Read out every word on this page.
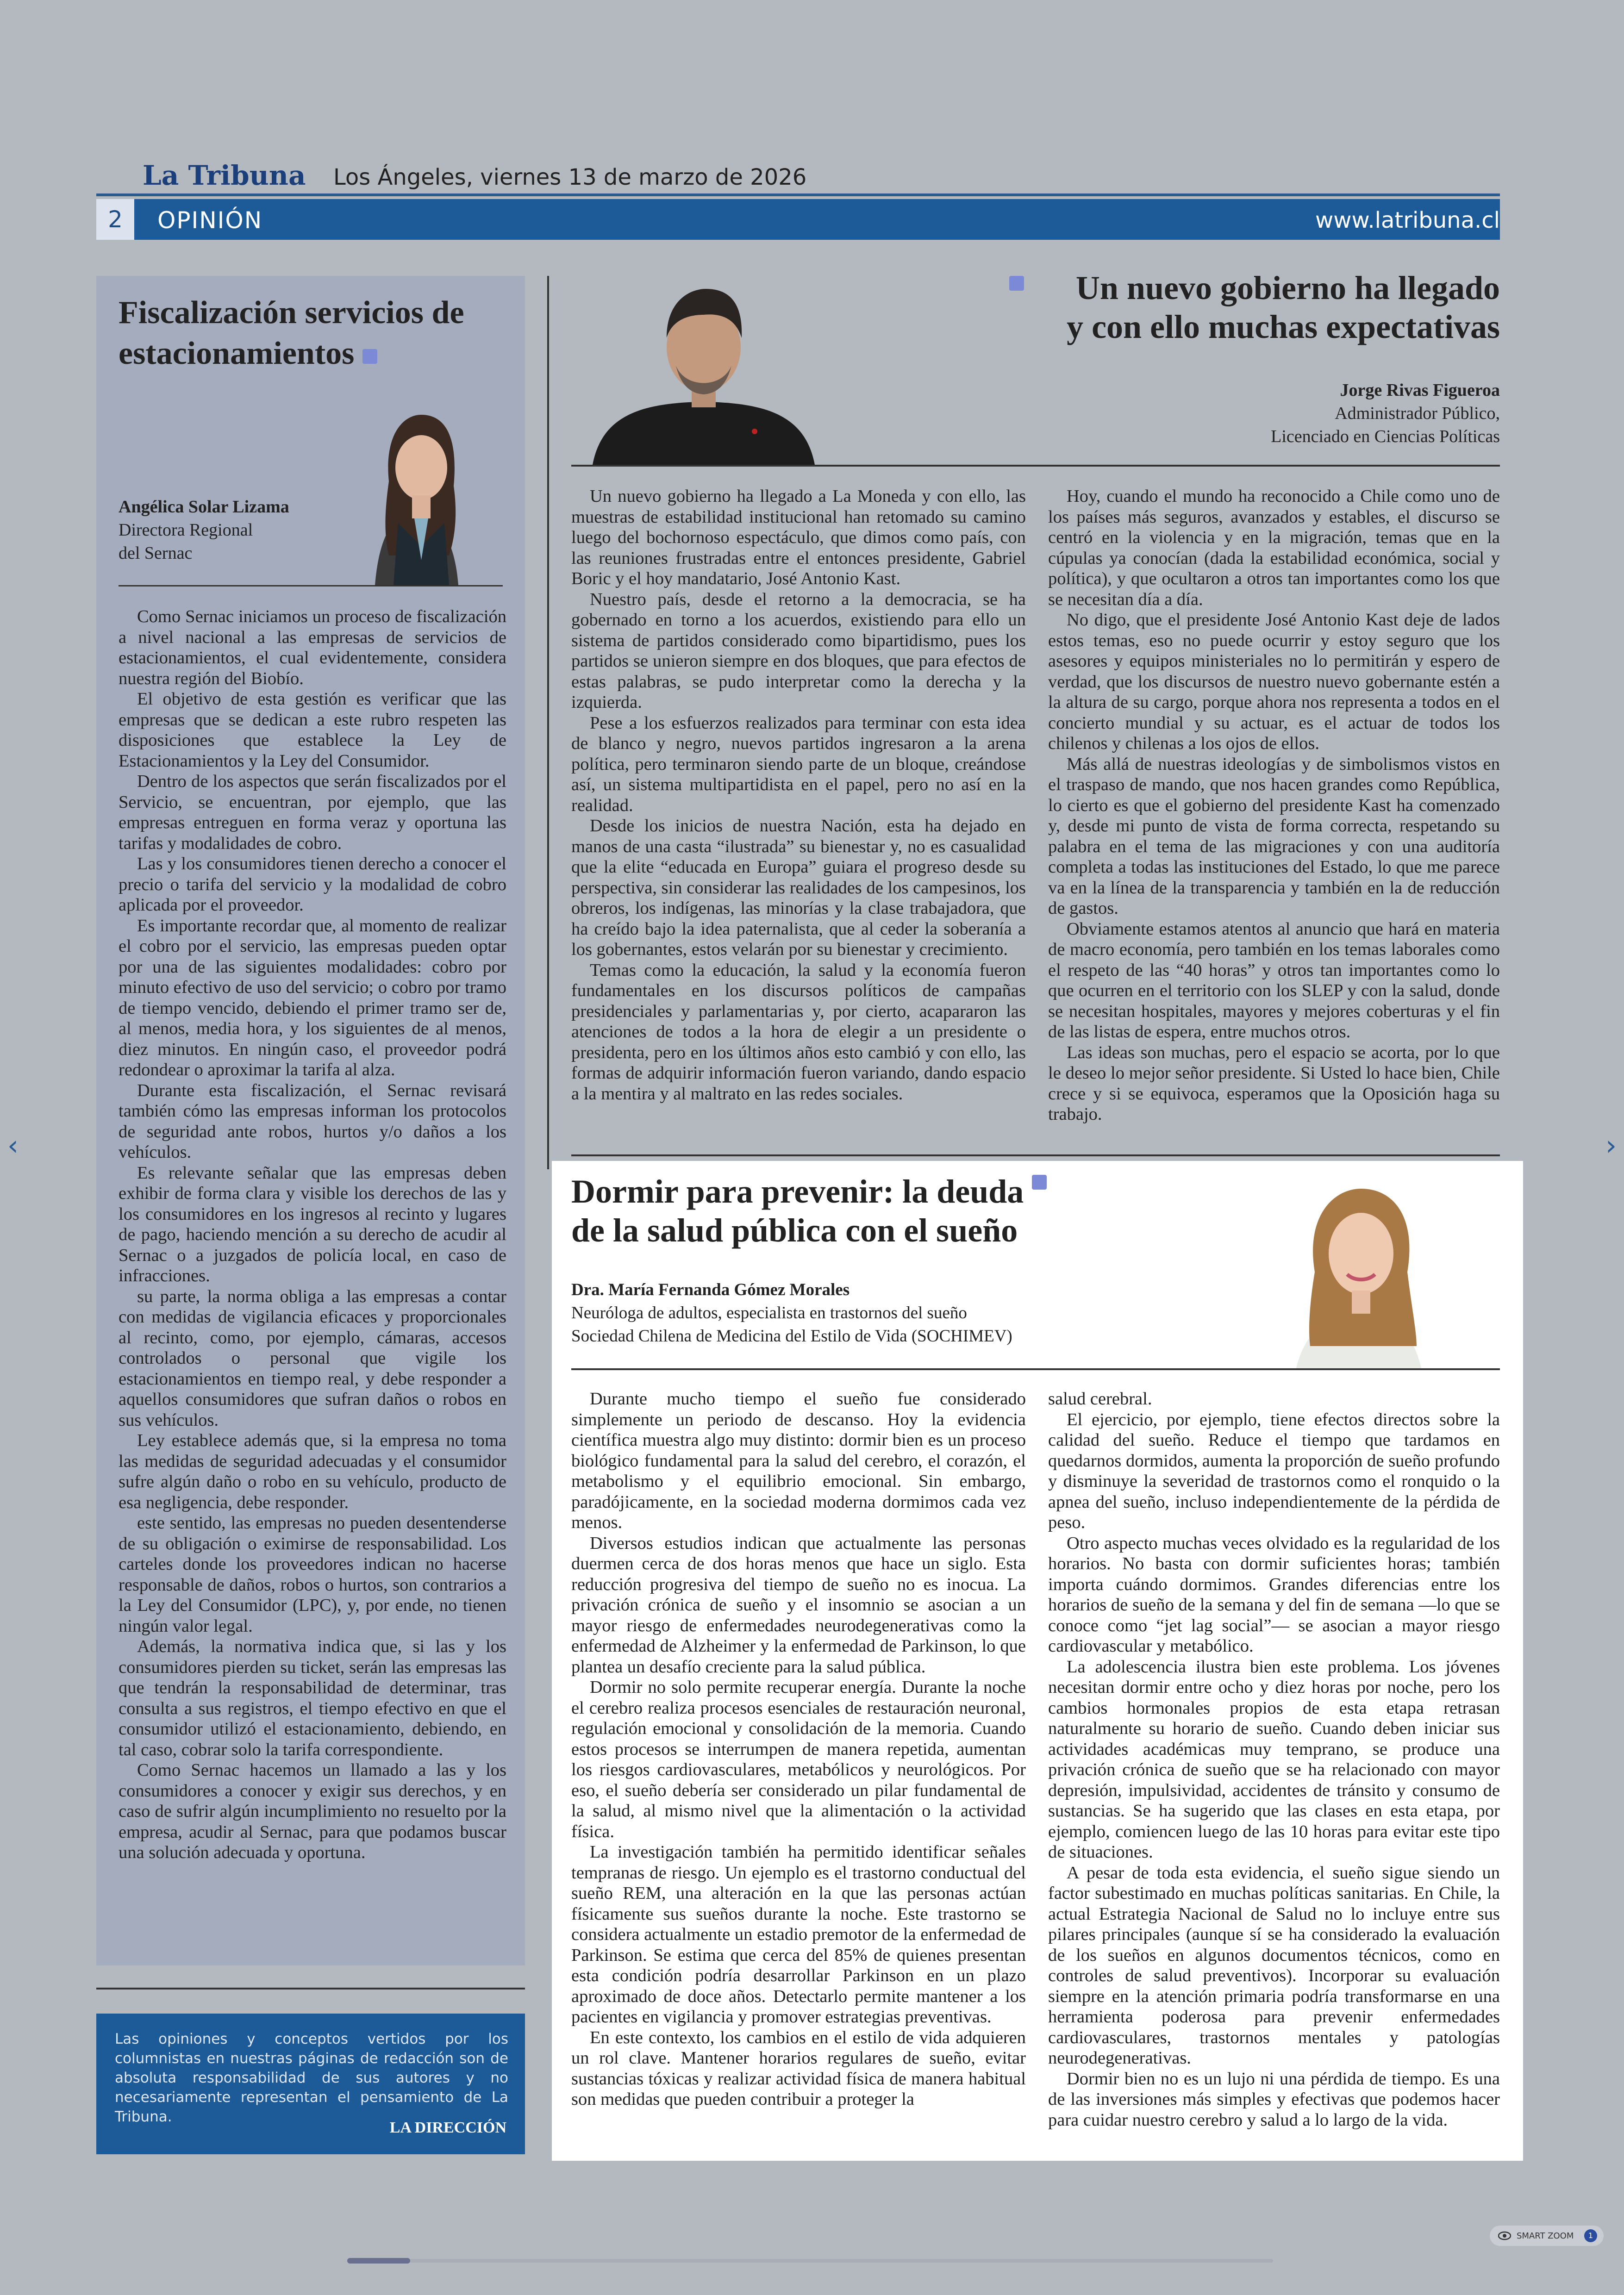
La Tribuna Los Ángeles, viernes 13 de marzo de 2026
2	OPINIÓN	www.latribuna.cl
Fiscalización servicios de estacionamientos
Angélica Solar Lizama
Directora Regional
del Sernac

Como Sernac iniciamos un proceso de fiscalización a nivel nacional a las empresas de servicios de estacionamientos, el cual evidentemente, considera nuestra región del Biobío.

El objetivo de esta gestión es verificar que las empresas que se dedican a este rubro respeten las disposiciones que establece la Ley de Estacionamientos y la Ley del Consumidor.

Dentro de los aspectos que serán fiscalizados por el Servicio, se encuentran, por ejemplo, que las empresas entreguen en forma veraz y oportuna las tarifas y modalidades de cobro.

Las y los consumidores tienen derecho a conocer el precio o tarifa del servicio y la modalidad de cobro aplicada por el proveedor.

Es importante recordar que, al momento de realizar el cobro por el servicio, las empresas pueden optar por una de las siguientes modalidades: cobro por minuto efectivo de uso del servicio; o cobro por tramo de tiempo vencido, debiendo el primer tramo ser de, al menos, media hora, y los siguientes de al menos, diez minutos. En ningún caso, el proveedor podrá redondear o aproximar la tarifa al alza.

Durante esta fiscalización, el Sernac revisará también cómo las empresas informan los protocolos de seguridad ante robos, hurtos y/o daños a los vehículos.

Es relevante señalar que las empresas deben exhibir de forma clara y visible los derechos de las y los consumidores en los ingresos al recinto y lugares de pago, haciendo mención a su derecho de acudir al Sernac o a juzgados de policía local, en caso de infracciones.

su parte, la norma obliga a las empresas a contar con medidas de vigilancia eficaces y proporcionales al recinto, como, por ejemplo, cámaras, accesos controlados o personal que vigile los estacionamientos en tiempo real, y debe responder a aquellos consumidores que sufran daños o robos en sus vehículos.

Ley establece además que, si la empresa no toma las medidas de seguridad adecuadas y el consumidor sufre algún daño o robo en su vehículo, producto de esa negligencia, debe responder.

este sentido, las empresas no pueden desentenderse de su obligación o eximirse de responsabilidad. Los carteles donde los proveedores indican no hacerse responsable de daños, robos o hurtos, son contrarios a la Ley del Consumidor (LPC), y, por ende, no tienen ningún valor legal.

Además, la normativa indica que, si las y los consumidores pierden su ticket, serán las empresas las que tendrán la responsabilidad de determinar, tras consulta a sus registros, el tiempo efectivo en que el consumidor utilizó el estacionamiento, debiendo, en tal caso, cobrar solo la tarifa correspondiente.

Como Sernac hacemos un llamado a las y los consumidores a conocer y exigir sus derechos, y en caso de sufrir algún incumplimiento no resuelto por la empresa, acudir al Sernac, para que podamos buscar una solución adecuada y oportuna.

Las opiniones y conceptos vertidos por los columnistas en nuestras páginas de redacción son de absoluta responsabilidad de sus autores y no necesariamente representan el pensamiento de La Tribuna.
LA DIRECCIÓN
Un nuevo gobierno ha llegado
y con ello muchas expectativas
Jorge Rivas Figueroa
Administrador Público,
Licenciado en Ciencias Políticas

Un nuevo gobierno ha llegado a La Moneda y con ello, las muestras de estabilidad institucional han retomado su camino luego del bochornoso espectáculo, que dimos como país, con las reuniones frustradas entre el entonces presidente, Gabriel Boric y el hoy mandatario, José Antonio Kast.

Nuestro país, desde el retorno a la democracia, se ha gobernado en torno a los acuerdos, existiendo para ello un sistema de partidos considerado como bipartidismo, pues los partidos se unieron siempre en dos bloques, que para efectos de estas palabras, se pudo interpretar como la derecha y la izquierda.

Pese a los esfuerzos realizados para terminar con esta idea de blanco y negro, nuevos partidos ingresaron a la arena política, pero terminaron siendo parte de un bloque, creándose así, un sistema multipartidista en el papel, pero no así en la realidad.

Desde los inicios de nuestra Nación, esta ha dejado en manos de una casta “ilustrada” su bienestar y, no es casualidad que la elite “educada en Europa” guiara el progreso desde su perspectiva, sin considerar las realidades de los campesinos, los obreros, los indígenas, las minorías y la clase trabajadora, que ha creído bajo la idea paternalista, que al ceder la soberanía a los gobernantes, estos velarán por su bienestar y crecimiento.

Temas como la educación, la salud y la economía fueron fundamentales en los discursos políticos de campañas presidenciales y parlamentarias y, por cierto, acapararon las atenciones de todos a la hora de elegir a un presidente o presidenta, pero en los últimos años esto cambió y con ello, las formas de adquirir información fueron variando, dando espacio a la mentira y al maltrato en las redes sociales.

Hoy, cuando el mundo ha reconocido a Chile como uno de los países más seguros, avanzados y estables, el discurso se centró en la violencia y en la migración, temas que en la cúpulas ya conocían (dada la estabilidad económica, social y política), y que ocultaron a otros tan importantes como los que se necesitan día a día.

No digo, que el presidente José Antonio Kast deje de lados estos temas, eso no puede ocurrir y estoy seguro que los asesores y equipos ministeriales no lo permitirán y espero de verdad, que los discursos de nuestro nuevo gobernante estén a la altura de su cargo, porque ahora nos representa a todos en el concierto mundial y su actuar, es el actuar de todos los chilenos y chilenas a los ojos de ellos.

Más allá de nuestras ideologías y de simbolismos vistos en el traspaso de mando, que nos hacen grandes como República, lo cierto es que el gobierno del presidente Kast ha comenzado y, desde mi punto de vista de forma correcta, respetando su palabra en el tema de las migraciones y con una auditoría completa a todas las instituciones del Estado, lo que me parece va en la línea de la transparencia y también en la de reducción de gastos.

Obviamente estamos atentos al anuncio que hará en materia de macro economía, pero también en los temas laborales como el respeto de las “40 horas” y otros tan importantes como lo que ocurren en el territorio con los SLEP y con la salud, donde se necesitan hospitales, mayores y mejores coberturas y el fin de las listas de espera, entre muchos otros.

Las ideas son muchas, pero el espacio se acorta, por lo que le deseo lo mejor señor presidente. Si Usted lo hace bien, Chile crece y si se equivoca, esperamos que la Oposición haga su trabajo.

Dormir para prevenir: la deuda
de la salud pública con el sueño
Dra. María Fernanda Gómez Morales
Neuróloga de adultos, especialista en trastornos del sueño
Sociedad Chilena de Medicina del Estilo de Vida (SOCHIMEV)

Durante mucho tiempo el sueño fue considerado simplemente un periodo de descanso. Hoy la evidencia científica muestra algo muy distinto: dormir bien es un proceso biológico fundamental para la salud del cerebro, el corazón, el metabolismo y el equilibrio emocional. Sin embargo, paradójicamente, en la sociedad moderna dormimos cada vez menos.

Diversos estudios indican que actualmente las personas duermen cerca de dos horas menos que hace un siglo. Esta reducción progresiva del tiempo de sueño no es inocua. La privación crónica de sueño y el insomnio se asocian a un mayor riesgo de enfermedades neurodegenerativas como la enfermedad de Alzheimer y la enfermedad de Parkinson, lo que plantea un desafío creciente para la salud pública.

Dormir no solo permite recuperar energía. Durante la noche el cerebro realiza procesos esenciales de restauración neuronal, regulación emocional y consolidación de la memoria. Cuando estos procesos se interrumpen de manera repetida, aumentan los riesgos cardiovasculares, metabólicos y neurológicos. Por eso, el sueño debería ser considerado un pilar fundamental de la salud, al mismo nivel que la alimentación o la actividad física.

La investigación también ha permitido identificar señales tempranas de riesgo. Un ejemplo es el trastorno conductual del sueño REM, una alteración en la que las personas actúan físicamente sus sueños durante la noche. Este trastorno se considera actualmente un estadio premotor de la enfermedad de Parkinson. Se estima que cerca del 85% de quienes presentan esta condición podría desarrollar Parkinson en un plazo aproximado de doce años. Detectarlo permite mantener a los pacientes en vigilancia y promover estrategias preventivas.

En este contexto, los cambios en el estilo de vida adquieren un rol clave. Mantener horarios regulares de sueño, evitar sustancias tóxicas y realizar actividad física de manera habitual son medidas que pueden contribuir a proteger la

salud cerebral.

El ejercicio, por ejemplo, tiene efectos directos sobre la calidad del sueño. Reduce el tiempo que tardamos en quedarnos dormidos, aumenta la proporción de sueño profundo y disminuye la severidad de trastornos como el ronquido o la apnea del sueño, incluso independientemente de la pérdida de peso.

Otro aspecto muchas veces olvidado es la regularidad de los horarios. No basta con dormir suficientes horas; también importa cuándo dormimos. Grandes diferencias entre los horarios de sueño de la semana y del fin de semana —lo que se conoce como “jet lag social”— se asocian a mayor riesgo cardiovascular y metabólico.

La adolescencia ilustra bien este problema. Los jóvenes necesitan dormir entre ocho y diez horas por noche, pero los cambios hormonales propios de esta etapa retrasan naturalmente su horario de sueño. Cuando deben iniciar sus actividades académicas muy temprano, se produce una privación crónica de sueño que se ha relacionado con mayor depresión, impulsividad, accidentes de tránsito y consumo de sustancias. Se ha sugerido que las clases en esta etapa, por ejemplo, comiencen luego de las 10 horas para evitar este tipo de situaciones.

A pesar de toda esta evidencia, el sueño sigue siendo un factor subestimado en muchas políticas sanitarias. En Chile, la actual Estrategia Nacional de Salud no lo incluye entre sus pilares principales (aunque sí se ha considerado la evaluación de los sueños en algunos documentos técnicos, como en controles de salud preventivos). Incorporar su evaluación siempre en la atención primaria podría transformarse en una herramienta poderosa para prevenir enfermedades cardiovasculares, trastornos mentales y patologías neurodegenerativas.

Dormir bien no es un lujo ni una pérdida de tiempo. Es una de las inversiones más simples y efectivas que podemos hacer para cuidar nuestro cerebro y salud a lo largo de la vida.

‹	›
SMART ZOOM	1
